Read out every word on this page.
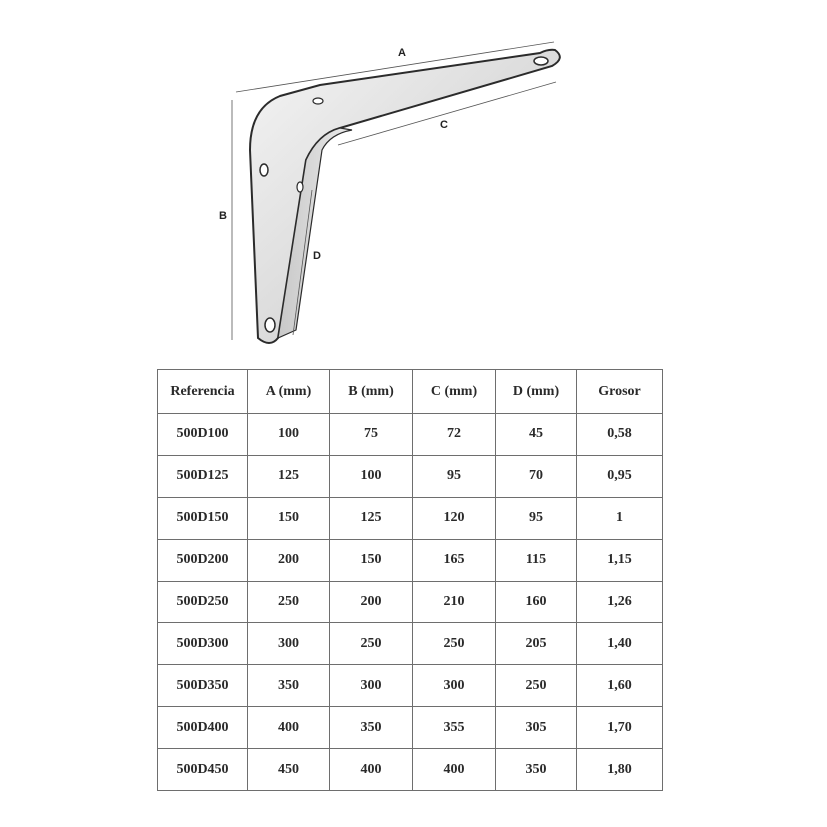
A
B
C
D
Referencia	A (mm)	B (mm)	C (mm)	D (mm)	Grosor
500D100	100	75	72	45	0,58
500D125	125	100	95	70	0,95
500D150	150	125	120	95	1
500D200	200	150	165	115	1,15
500D250	250	200	210	160	1,26
500D300	300	250	250	205	1,40
500D350	350	300	300	250	1,60
500D400	400	350	355	305	1,70
500D450	450	400	400	350	1,80
